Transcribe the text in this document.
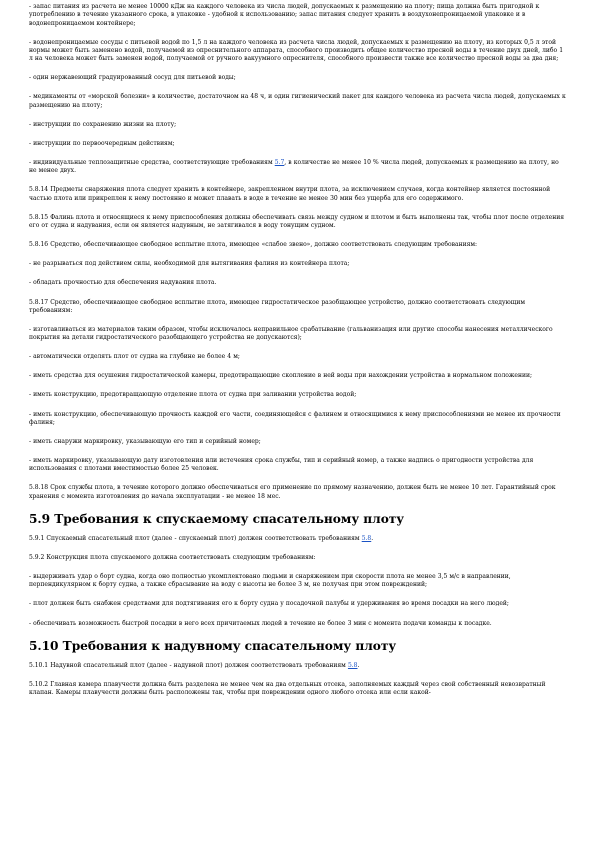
- запас питания из расчета не менее 10000 кДж на каждого человека из числа людей, допускаемых к размещению на плоту; пища должна быть пригодной к употреблению в течение указанного срока, в упаковке - удобной к использованию; запас питания следует хранить в воздухонепроницаемой упаковке и в водонепроницаемом контейнере;

- водонепроницаемые сосуды с питьевой водой по 1,5 л на каждого человека из расчета числа людей, допускаемых к размещению на плоту, из которых 0,5 л этой нормы может быть заменено водой, получаемой из опреснительного аппарата, способного производить общее количество пресной воды в течение двух дней, либо 1 л на человека может быть заменен водой, получаемой от ручного вакуумного опреснителя, способного произвести также все количество пресной воды за два дня;

- один нержавеющий градуированный сосуд для питьевой воды;

- медикаменты от «морской болезни» в количестве, достаточном на 48 ч, и один гигиенический пакет для каждого человека из расчета числа людей, допускаемых к размещению на плоту;

- инструкции по сохранению жизни на плоту;

- инструкции по первоочередным действиям;

- индивидуальные теплозащитные средства, соответствующие требованиям 5.7, в количестве не менее 10 % числа людей, допускаемых к размещению на плоту, но не менее двух.

5.8.14 Предметы снаряжения плота следует хранить в контейнере, закрепленном внутри плота, за исключением случаев, когда контейнер является постоянной частью плота или прикреплен к нему постоянно и может плавать в воде в течение не менее 30 мин без ущерба для его содержимого.

5.8.15 Фалинь плота и относящиеся к нему приспособления должны обеспечивать связь между судном и плотом и быть выполнены так, чтобы плот после отделения его от судна и надувания, если он является надувным, не затягивался в воду тонущим судном.

5.8.16 Средство, обеспечивающее свободное всплытие плота, имеющее «слабое звено», должно соответствовать следующим требованиям:

- не разрываться под действием силы, необходимой для вытягивания фалиня из контейнера плота;

- обладать прочностью для обеспечения надувания плота.

5.8.17 Средство, обеспечивающее свободное всплытие плота, имеющее гидростатическое разобщающее устройство, должно соответствовать следующим требованиям:

- изготавливаться из материалов таким образом, чтобы исключалось неправильное срабатывание (гальванизация или другие способы нанесения металлического покрытия на детали гидростатического разобщающего устройства не допускаются);

- автоматически отделять плот от судна на глубине не более 4 м;

- иметь средства для осушения гидростатической камеры, предотвращающие скопление в ней воды при нахождении устройства в нормальном положении;

- иметь конструкцию, предотвращающую отделение плота от судна при заливании устройства водой;

- иметь конструкцию, обеспечивающую прочность каждой его части, соединяющейся с фалинем и относящимися к нему приспособлениями не менее их прочности фалиня;

- иметь снаружи маркировку, указывающую его тип и серийный номер;

- иметь маркировку, указывающую дату изготовления или истечения срока службы, тип и серийный номер, а также надпись о пригодности устройства для использования с плотами вместимостью более 25 человек.

5.8.18 Срок службы плота, в течение которого должно обеспечиваться его применение по прямому назначению, должен быть не менее 10 лет. Гарантийный срок хранения с момента изготовления до начала эксплуатации - не менее 18 мес.

5.9 Требования к спускаемому спасательному плоту

5.9.1 Спускаемый спасательный плот (далее - спускаемый плот) должен соответствовать требованиям 5.8.

5.9.2 Конструкция плота спускаемого должна соответствовать следующим требованиям:

- выдерживать удар о борт судна, когда оно полностью укомплектовано людьми и снаряжением при скорости плота не менее 3,5 м/с в направлении, перпендикулярном к борту судна, а также сбрасывание на воду с высоты не более 3 м, не получая при этом повреждений;

- плот должен быть снабжен средствами для подтягивания его к борту судна у посадочной палубы и удерживания во время посадки на него людей;

- обеспечивать возможность быстрой посадки в него всех причитаемых людей в течение не более 3 мин с момента подачи команды к посадке.

5.10 Требования к надувному спасательному плоту

5.10.1 Надувной спасательный плот (далее - надувной плот) должен соответствовать требованиям 5.8.

5.10.2 Главная камера плавучести должна быть разделена не менее чем на два отдельных отсека, заполняемых каждый через свой собственный невозвратный клапан. Камеры плавучести должны быть расположены так, чтобы при повреждении одного любого отсека или если какой-
